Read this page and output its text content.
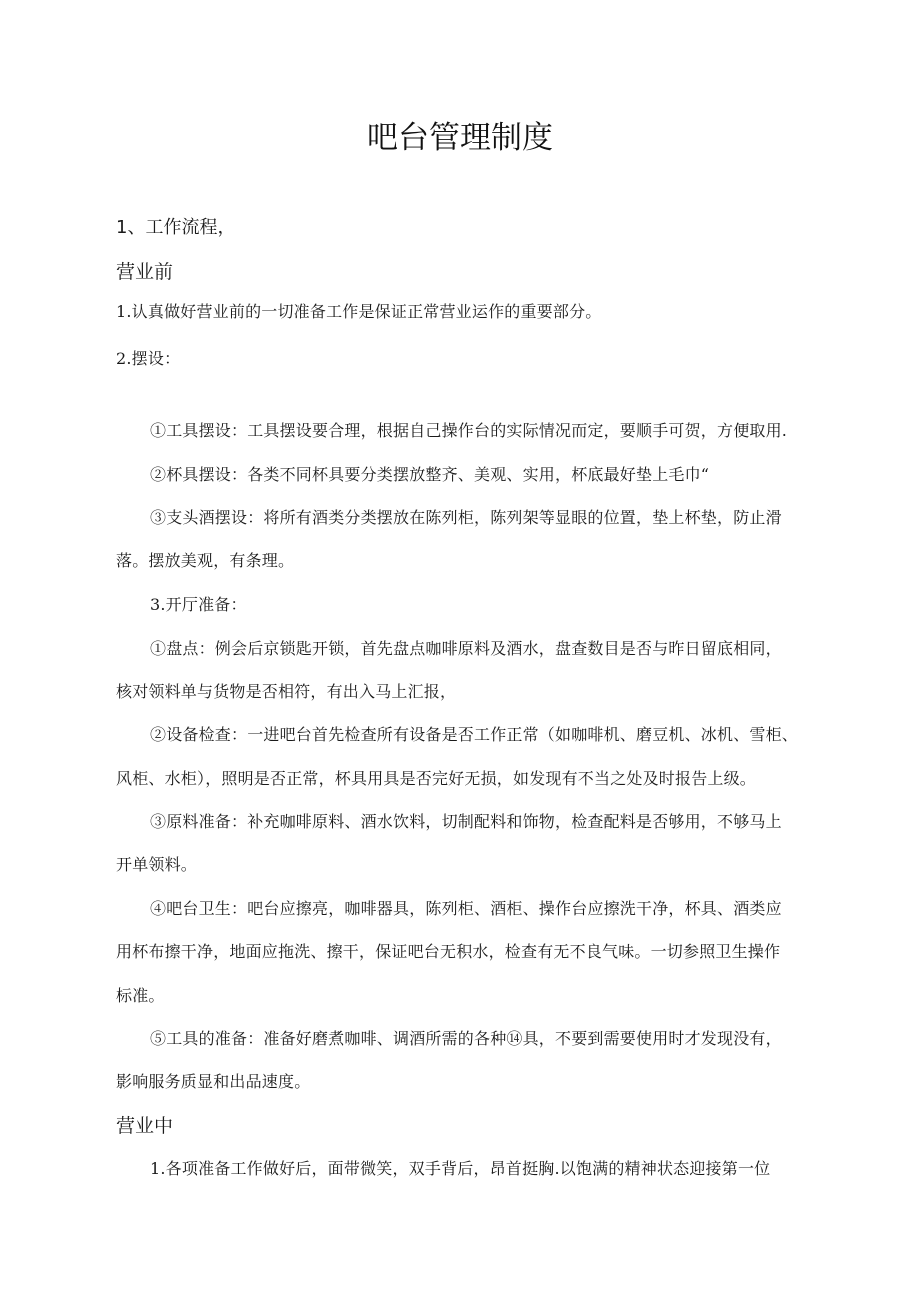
吧台管理制度
1、工作流程，
营业前
1.认真做好营业前的一切准备工作是保证正常营业运作的重要部分。
2.摆设：
①工具摆设：工具摆设要合理，根据自己操作台的实际情况而定，要顺手可贺，方便取用.
②杯具摆设：各类不同杯具要分类摆放整齐、美观、实用，杯底最好垫上毛巾“
③支头酒摆设：将所有酒类分类摆放在陈列柜，陈列架等显眼的位置，垫上杯垫，防止滑
落。摆放美观，有条理。
3.开厅准备：
①盘点：例会后京锁匙开锁，首先盘点咖啡原料及酒水，盘查数目是否与昨日留底相同，
核对领料单与货物是否相符，有出入马上汇报，
②设备检查：一进吧台首先检查所有设备是否工作正常（如咖啡机、磨豆机、冰机、雪柜、
风柜、水柜），照明是否正常，杯具用具是否完好无损，如发现有不当之处及时报告上级。
③原料准备：补充咖啡原料、酒水饮料，切制配料和饰物，检查配料是否够用，不够马上
开单领料。
④吧台卫生：吧台应擦亮，咖啡器具，陈列柜、酒柜、操作台应擦洗干净，杯具、酒类应
用杯布擦干净，地面应拖洗、擦干，保证吧台无积水，检查有无不良气味。一切参照卫生操作
标准。
⑤工具的准备：准备好磨煮咖啡、调酒所需的各种⑭具，不要到需要使用时才发现没有，
影响服务质显和出品速度。
营业中
1.各项准备工作做好后，面带微笑，双手背后，昂首挺胸.以饱满的精神状态迎接第一位
